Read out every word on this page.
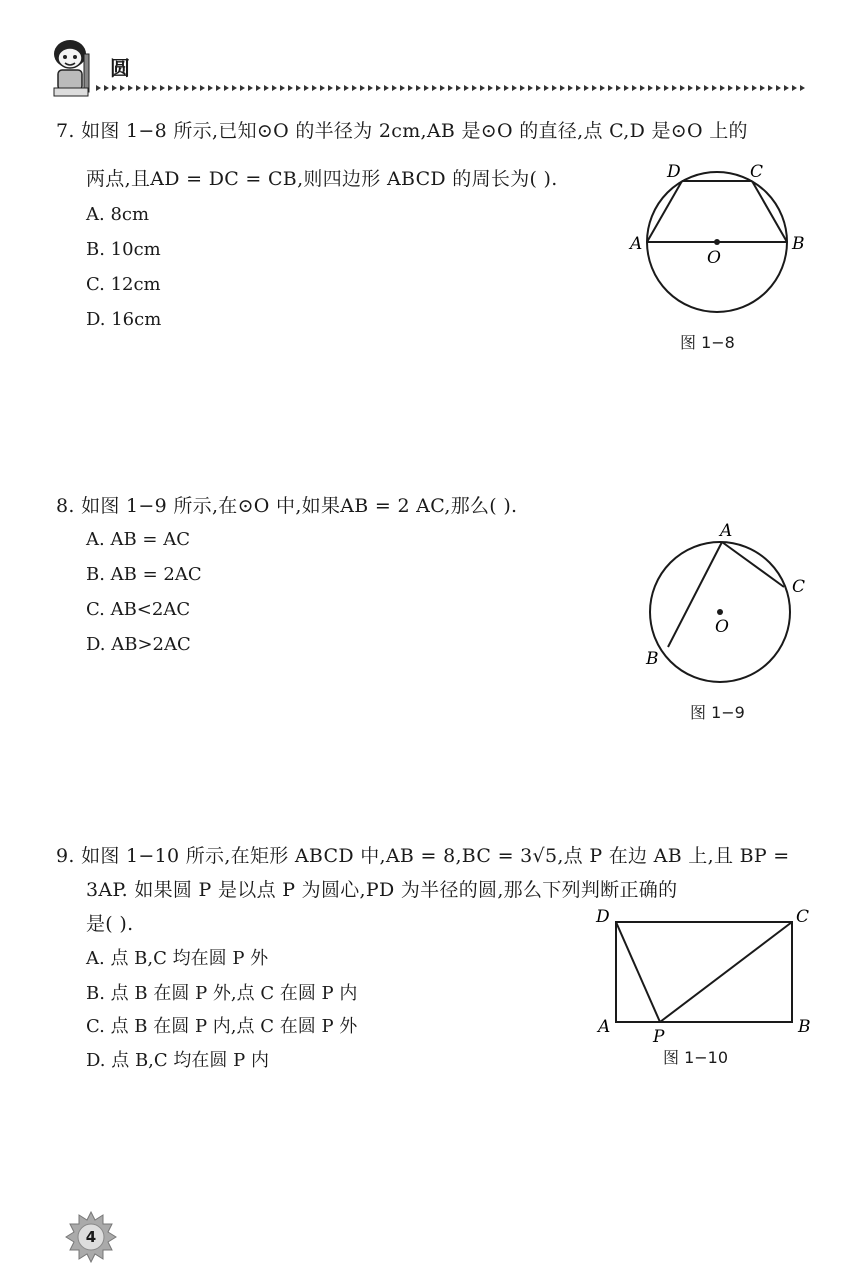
圆
7. 如图 1−8 所示,已知⊙O 的半径为 2cm,AB 是⊙O 的直径,点 C,D 是⊙O 上的
两点,且AD = DC = CB,则四边形 ABCD 的周长为( ).
A. 8cm
B. 10cm
C. 12cm
D. 16cm
A	B
C
D
O
图 1−8
8. 如图 1−9 所示,在⊙O 中,如果AB = 2 AC,那么( ).
A. AB = AC
B. AB = 2AC
C. AB<2AC
D. AB>2AC
A
B
C
O
图 1−9
9. 如图 1−10 所示,在矩形 ABCD 中,AB = 8,BC = 3√5,点 P 在边 AB 上,且 BP =
3AP. 如果圆 P 是以点 P 为圆心,PD 为半径的圆,那么下列判断正确的
是( ).
A. 点 B,C 均在圆 P 外
B. 点 B 在圆 P 外,点 C 在圆 P 内
C. 点 B 在圆 P 内,点 C 在圆 P 外
D. 点 B,C 均在圆 P 内
D	C
A	B
P
图 1−10
4
